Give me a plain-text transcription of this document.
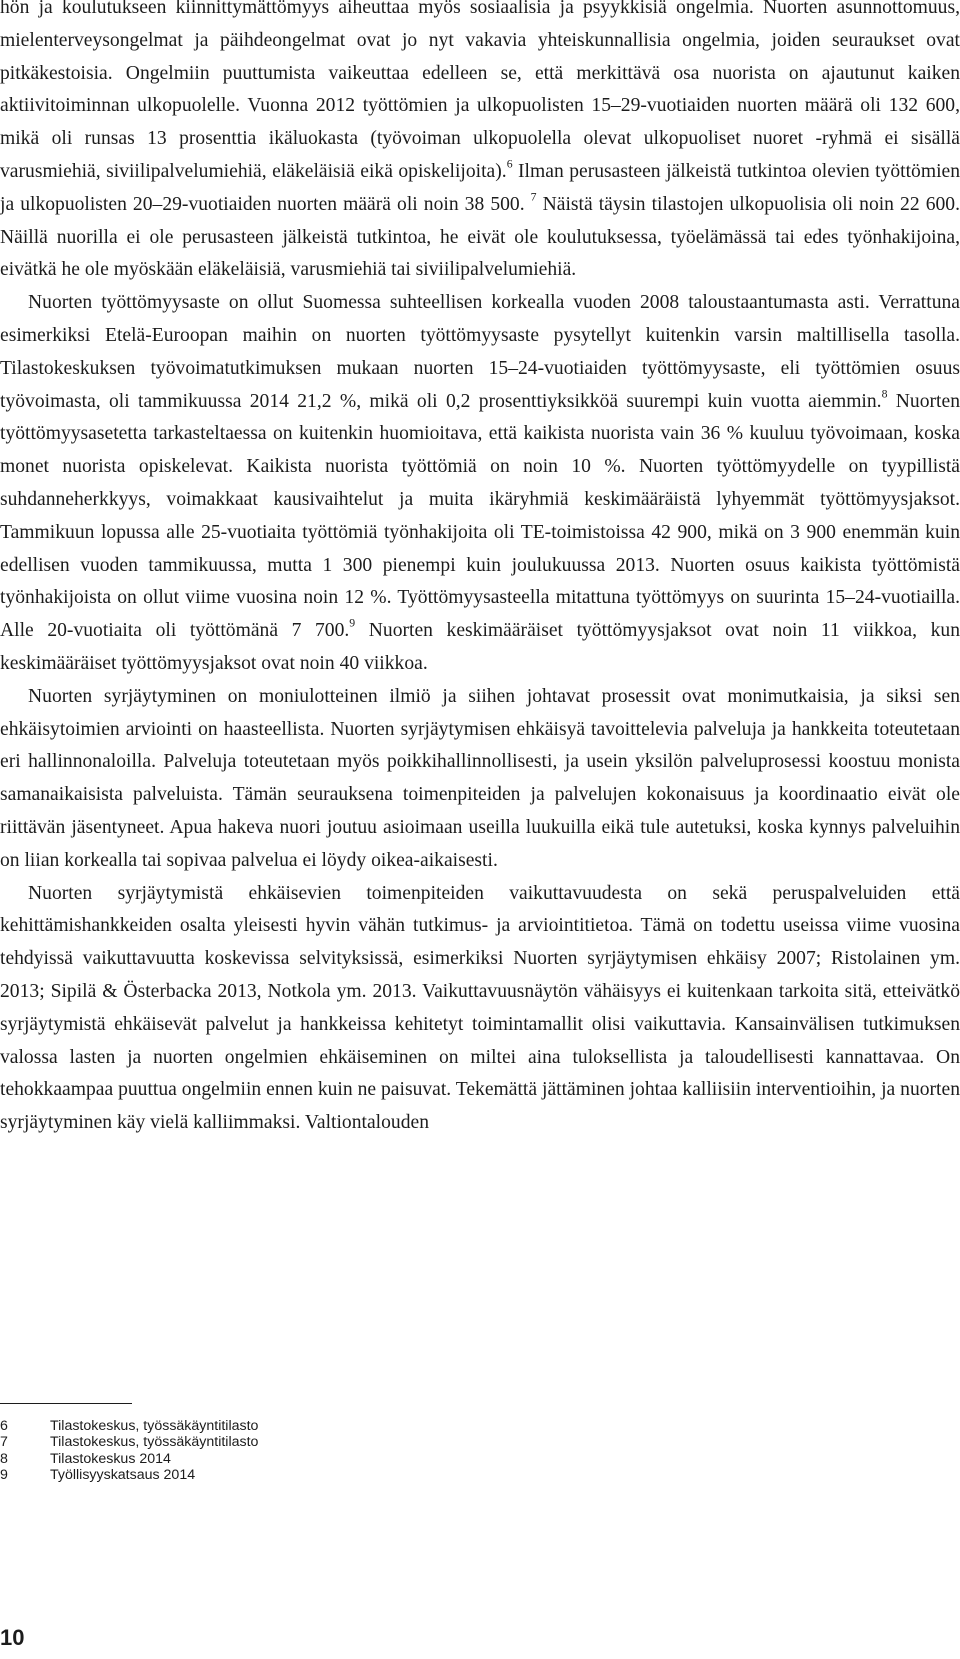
hön ja koulutukseen kiinnittymättömyys aiheuttaa myös sosiaalisia ja psyykkisiä ongelmia. Nuorten asunnottomuus, mielenterveysongelmat ja päihdeongelmat ovat jo nyt vakavia yhteiskunnallisia ongelmia, joiden seuraukset ovat pitkäkestoisia. Ongelmiin puuttumista vaikeuttaa edelleen se, että merkittävä osa nuorista on ajautunut kaiken aktiivitoiminnan ulkopuolelle. Vuonna 2012 työttömien ja ulkopuolisten 15–29-vuotiaiden nuorten määrä oli 132 600, mikä oli runsas 13 prosenttia ikäluokasta (työvoiman ulkopuolella olevat ulkopuoliset nuoret -ryhmä ei sisällä varusmiehiä, siviilipalvelumiehiä, eläkeläisiä eikä opiskelijoita).$^6$ Ilman perusasteen jälkeistä tutkintoa olevien työttömien ja ulkopuolisten 20–29-vuotiaiden nuorten määrä oli noin 38 500. $^7$ Näistä täysin tilastojen ulkopuolisia oli noin 22 600. Näillä nuorilla ei ole perusasteen jälkeistä tutkintoa, he eivät ole koulutuksessa, työelämässä tai edes työnhakijoina, eivätkä he ole myöskään eläkeläisiä, varusmiehiä tai siviilipalvelumiehiä.

Nuorten työttömyysaste on ollut Suomessa suhteellisen korkealla vuoden 2008 taloustaantumasta asti. Verrattuna esimerkiksi Etelä-Euroopan maihin on nuorten työttömyysaste pysytellyt kuitenkin varsin maltillisella tasolla. Tilastokeskuksen työvoimatutkimuksen mukaan nuorten 15–24-vuotiaiden työttömyysaste, eli työttömien osuus työvoimasta, oli tammikuussa 2014 21,2 %, mikä oli 0,2 prosenttiyksikköä suurempi kuin vuotta aiemmin.$^8$ Nuorten työttömyysasetetta tarkasteltaessa on kuitenkin huomioitava, että kaikista nuorista vain 36 % kuuluu työvoimaan, koska monet nuorista opiskelevat. Kaikista nuorista työttömiä on noin 10 %. Nuorten työttömyydelle on tyypillistä suhdanneherkkyys, voimakkaat kausivaihtelut ja muita ikäryhmiä keskimääräistä lyhyemmät työttömyysjaksot. Tammikuun lopussa alle 25-vuotiaita työttömiä työnhakijoita oli TE-toimistoissa 42 900, mikä on 3 900 enemmän kuin edellisen vuoden tammikuussa, mutta 1 300 pienempi kuin joulukuussa 2013. Nuorten osuus kaikista työttömistä työnhakijoista on ollut viime vuosina noin 12 %. Työttömyysasteella mitattuna työttömyys on suurinta 15–24-vuotiailla. Alle 20-vuotiaita oli työttömänä 7 700.$^9$ Nuorten keskimääräiset työttömyysjaksot ovat noin 11 viikkoa, kun keskimääräiset työttömyysjaksot ovat noin 40 viikkoa.

Nuorten syrjäytyminen on moniulotteinen ilmiö ja siihen johtavat prosessit ovat monimutkaisia, ja siksi sen ehkäisytoimien arviointi on haasteellista. Nuorten syrjäytymisen ehkäisyä tavoittelevia palveluja ja hankkeita toteutetaan eri hallinnonaloilla. Palveluja toteutetaan myös poikkihallinnollisesti, ja usein yksilön palveluprosessi koostuu monista samanaikaisista palveluista. Tämän seurauksena toimenpiteiden ja palvelujen kokonaisuus ja koordinaatio eivät ole riittävän jäsentyneet. Apua hakeva nuori joutuu asioimaan useilla luukuilla eikä tule autetuksi, koska kynnys palveluihin on liian korkealla tai sopivaa palvelua ei löydy oikea-aikaisesti.

Nuorten syrjäytymistä ehkäisevien toimenpiteiden vaikuttavuudesta on sekä peruspalveluiden että kehittämishankkeiden osalta yleisesti hyvin vähän tutkimus- ja arviointitietoa. Tämä on todettu useissa viime vuosina tehdyissä vaikuttavuutta koskevissa selvityksissä, esimerkiksi Nuorten syrjäytymisen ehkäisy 2007; Ristolainen ym. 2013; Sipilä & Österbacka 2013, Notkola ym. 2013. Vaikuttavuusnäytön vähäisyys ei kuitenkaan tarkoita sitä, etteivätkö syrjäytymistä ehkäisevät palvelut ja hankkeissa kehitetyt toimintamallit olisi vaikuttavia. Kansainvälisen tutkimuksen valossa lasten ja nuorten ongelmien ehkäiseminen on miltei aina tuloksellista ja taloudellisesti kannattavaa. On tehokkaampaa puuttua ongelmiin ennen kuin ne paisuvat. Tekemättä jättäminen johtaa kalliisiin interventioihin, ja nuorten syrjäytyminen käy vielä kalliimmaksi. Valtiontalouden

6	Tilastokeskus, työssäkäyntitilasto
7	Tilastokeskus, työssäkäyntitilasto
8	Tilastokeskus 2014
9	Työllisyyskatsaus 2014
10
